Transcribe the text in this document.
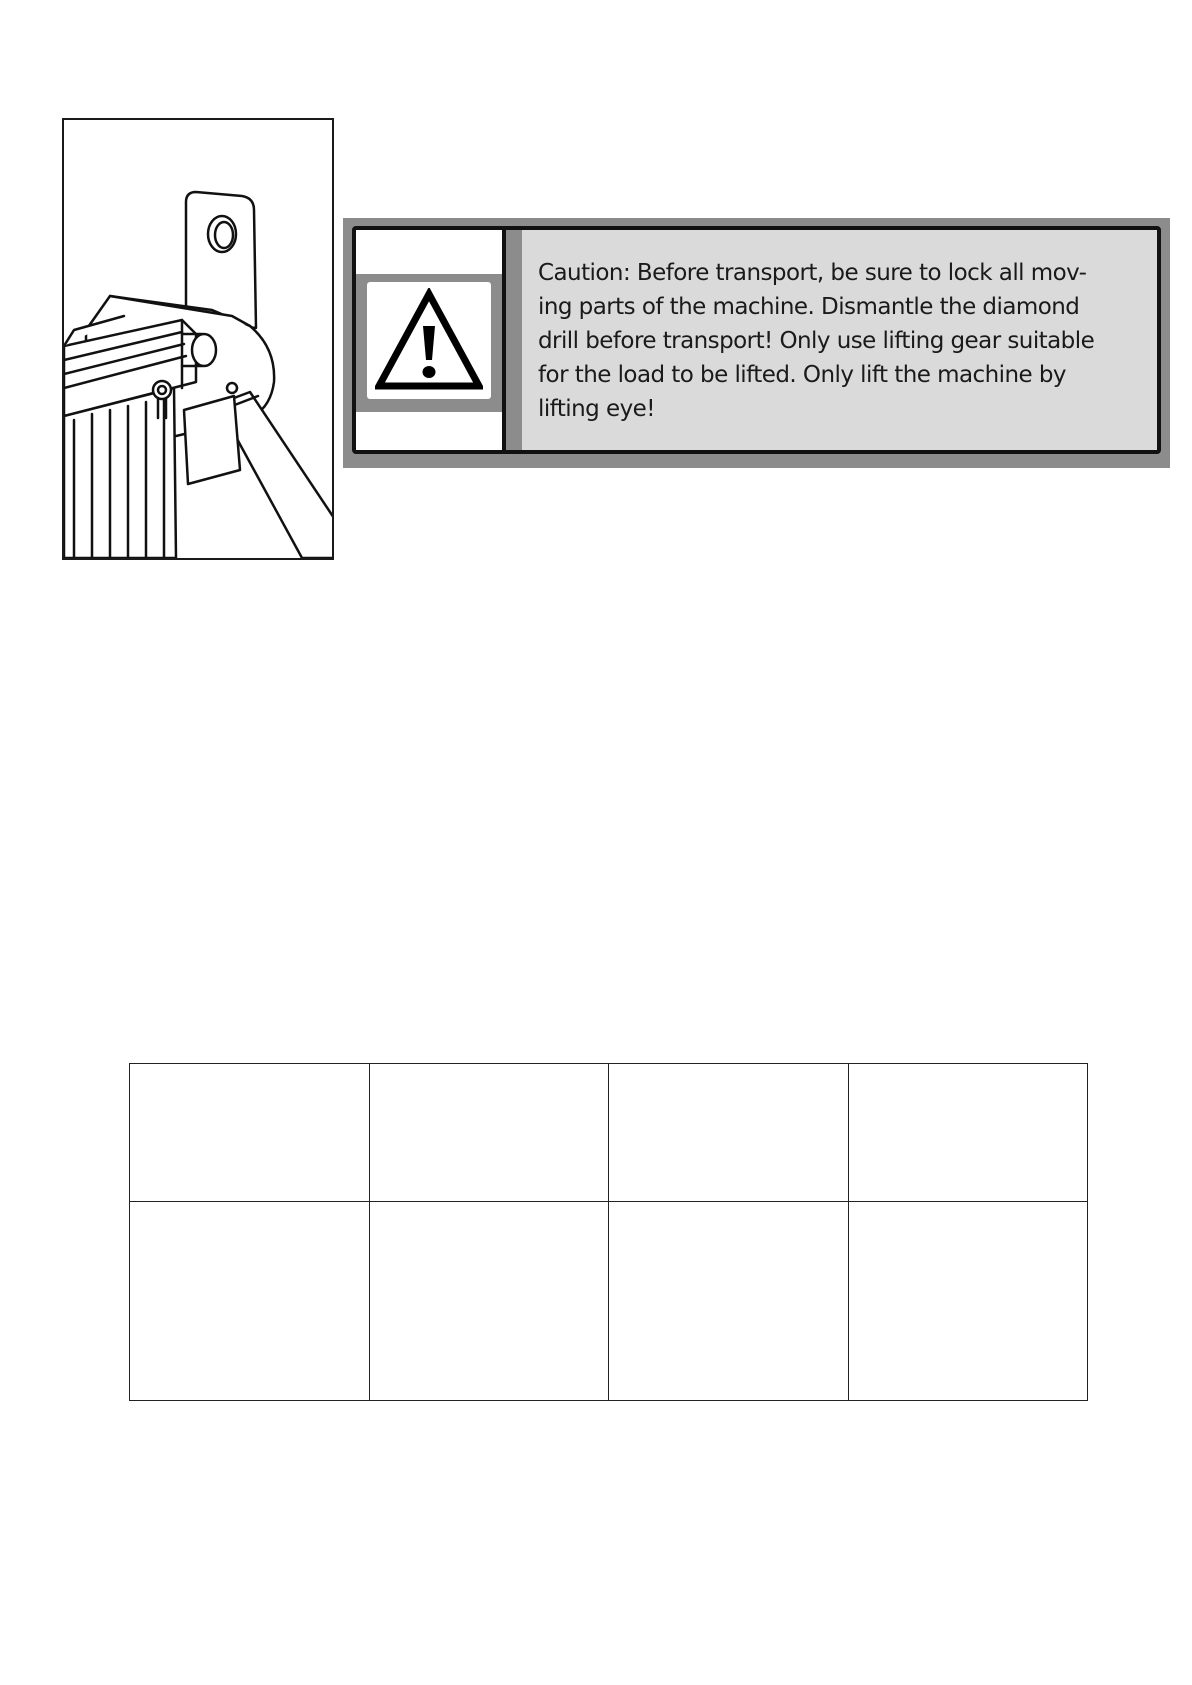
Caution: Before transport, be sure to lock all mov-
ing parts of the machine. Dismantle the diamond
drill before transport! Only use lifting gear suitable
for the load to be lifted. Only lift the machine by
lifting eye!
